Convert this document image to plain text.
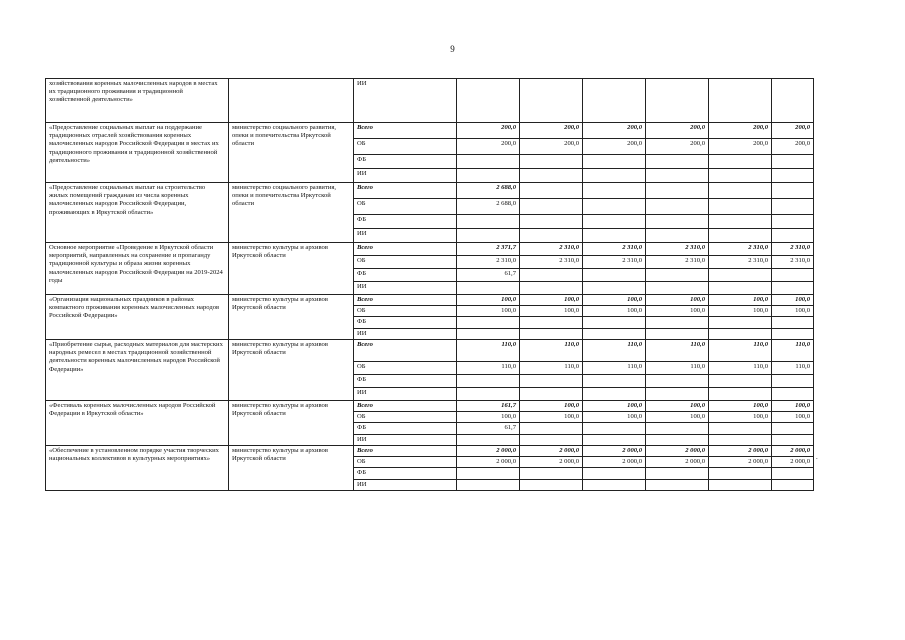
9
хозяйствования коренных малочисленных народов в местах их традиционного проживания и традиционной хозяйственной деятельности»		ИИ						
«Предоставление социальных выплат на поддержание традиционных отраслей хозяйствования коренных малочисленных народов Российской Федерации в местах их традиционного проживания и традиционной хозяйственной деятельности»	министерство социального развития, опеки и попечительства Иркутской области	Всего	200,0	200,0	200,0	200,0	200,0	200,0
		ОБ	200,0	200,0	200,0	200,0	200,0	200,0
		ФБ						
		ИИ						
«Предоставление социальных выплат на строительство жилых помещений гражданам из числа коренных малочисленных народов Российской Федерации, проживающих в Иркутской области»	министерство социального развития, опеки и попечительства Иркутской области	Всего	2 688,0					
		ОБ	2 688,0					
		ФБ						
		ИИ						
Основное мероприятие «Проведение в Иркутской области мероприятий, направленных на сохранение и пропаганду традиционной культуры и образа жизни коренных малочисленных народов Российской Федерации на 2019-2024 годы	министерство культуры и архивов Иркутской области	Всего	2 371,7	2 310,0	2 310,0	2 310,0	2 310,0	2 310,0
		ОБ	2 310,0	2 310,0	2 310,0	2 310,0	2 310,0	2 310,0
		ФБ	61,7					
		ИИ						
«Организация национальных праздников в районах компактного проживания коренных малочисленных народов Российской Федерации»	министерство культуры и архивов Иркутской области	Всего	100,0	100,0	100,0	100,0	100,0	100,0
		ОБ	100,0	100,0	100,0	100,0	100,0	100,0
		ФБ						
		ИИ						
«Приобретение сырья, расходных материалов для мастерских народных ремесел в местах традиционной хозяйственной деятельности коренных малочисленных народов Российской Федерации»	министерство культуры и архивов Иркутской области	Всего	110,0	110,0	110,0	110,0	110,0	110,0
		ОБ	110,0	110,0	110,0	110,0	110,0	110,0
		ФБ						
		ИИ						
«Фестиваль коренных малочисленных народов Российской Федерации в Иркутской области»	министерство культуры и архивов Иркутской области	Всего	161,7	100,0	100,0	100,0	100,0	100,0
		ОБ	100,0	100,0	100,0	100,0	100,0	100,0
		ФБ	61,7					
		ИИ						
«Обеспечение в установленном порядке участия творческих национальных коллективов в культурных мероприятиях»	министерство культуры и архивов Иркутской области	Всего	2 000,0	2 000,0	2 000,0	2 000,0	2 000,0	2 000,0
		ОБ	2 000,0	2 000,0	2 000,0	2 000,0	2 000,0	2 000,0
		ФБ						
		ИИ						
.
